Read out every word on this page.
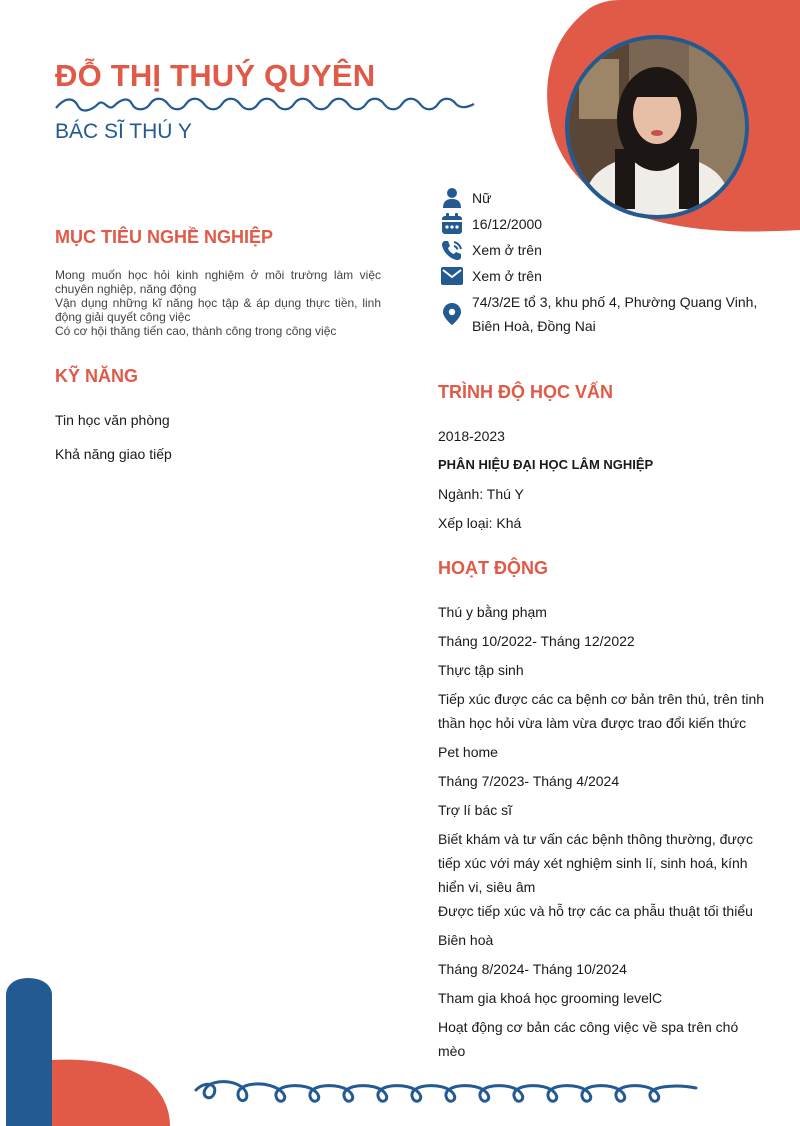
ĐỖ THỊ THUÝ QUYÊN
BÁC SĨ THÚ Y
Nữ
16/12/2000
Xem ở trên
Xem ở trên
74/3/2E tổ 3, khu phố 4, Phường Quang Vinh, Biên Hoà, Đồng Nai
MỤC TIÊU NGHỀ NGHIỆP
Mong muốn học hỏi kinh nghiệm ở môi trường làm việc chuyên nghiệp, năng động
Vận dụng những kĩ năng học tập & áp dụng thực tiền, linh động giải quyết công việc
Có cơ hội thăng tiến cao, thành công trong công việc
KỸ NĂNG
Tin học văn phòng
Khả năng giao tiếp
TRÌNH ĐỘ HỌC VẤN
2018-2023
PHÂN HIỆU ĐẠI HỌC LÂM NGHIỆP
Ngành: Thú Y
Xếp loại: Khá
HOẠT ĐỘNG
Thú y bằng phạm
Tháng 10/2022- Tháng 12/2022
Thực tập sinh
Tiếp xúc được các ca bệnh cơ bản trên thú, trên tinh thần học hỏi vừa làm vừa được trao đổi kiến thức
Pet home
Tháng 7/2023- Tháng 4/2024
Trợ lí bác sĩ
Biết khám và tư vấn các bệnh thông thường, được tiếp xúc với máy xét nghiệm sinh lí, sinh hoá, kính hiển vi, siêu âm
Được tiếp xúc và hỗ trợ các ca phẫu thuật tối thiểu
Biên hoà
Tháng 8/2024- Tháng 10/2024
Tham gia khoá học grooming levelC
Hoạt động cơ bản các công việc về spa trên chó mèo
